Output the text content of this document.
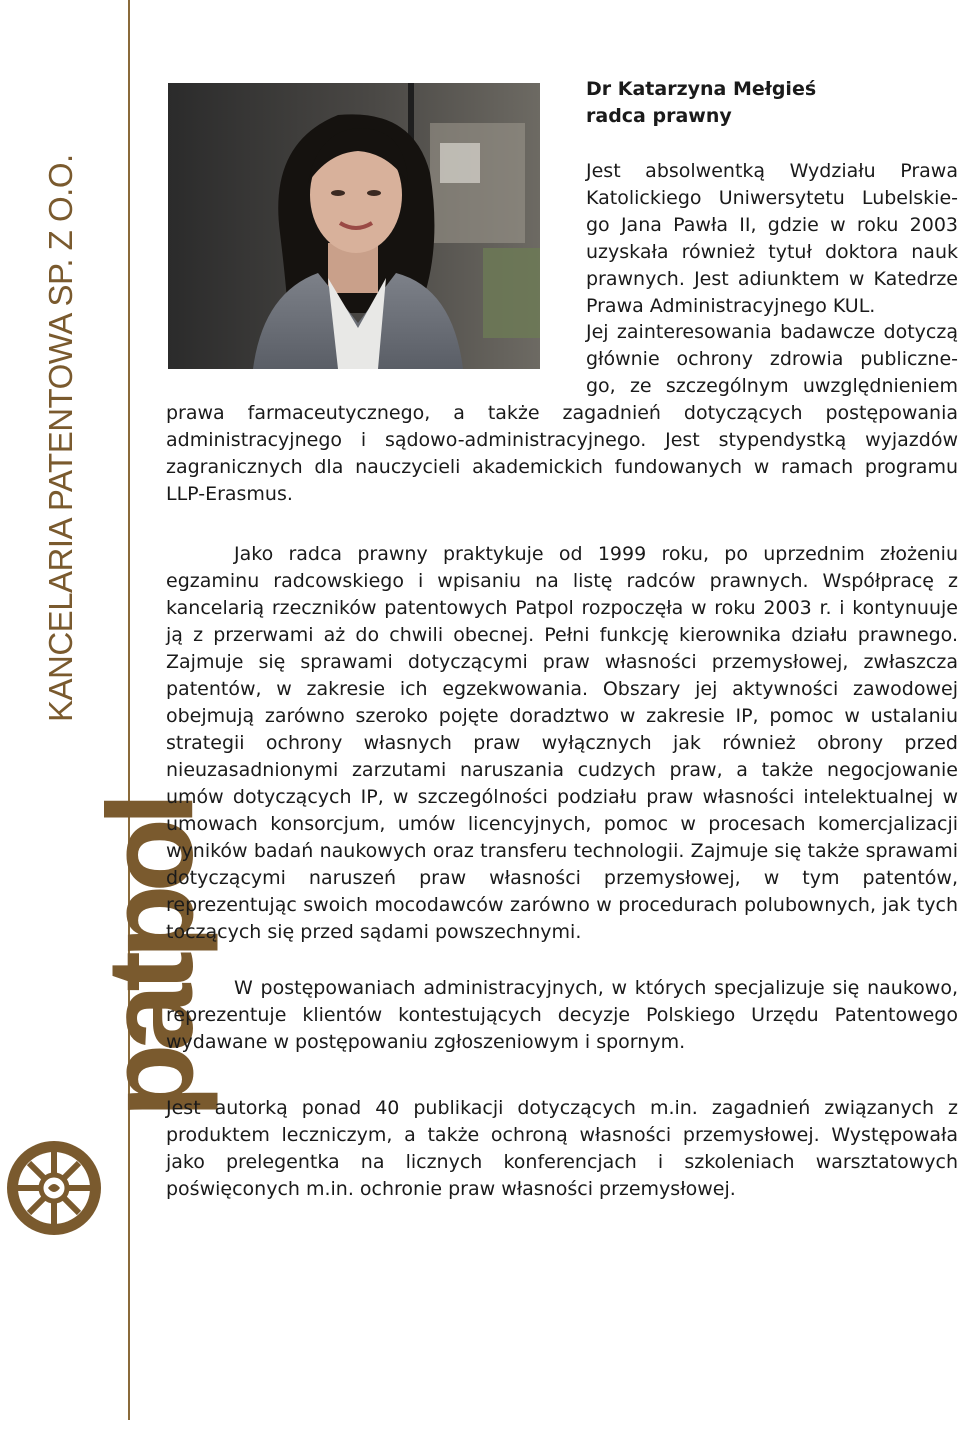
KANCELARIA PATENTOWA SP. Z O.O.
patpol
Dr Katarzyna Mełgieś
radca prawny
Jest absolwentką Wydziału Prawa
Katolickiego Uniwersytetu Lubelskie-
go Jana Pawła II, gdzie w roku 2003
uzyskała również tytuł doktora nauk
prawnych. Jest adiunktem w Katedrze
Prawa Administracyjnego KUL.
Jej zainteresowania badawcze dotyczą
głównie ochrony zdrowia publiczne-
go, ze szczególnym uwzględnieniem
prawa farmaceutycznego, a także zagadnień dotyczących postępowania administracyjnego i sądowo-administracyjnego. Jest stypendystką wyjazdów zagranicznych dla nauczycieli akademickich fundowanych w ramach programu LLP-Erasmus.
Jako radca prawny praktykuje od 1999 roku, po uprzednim złożeniu egzaminu radcowskiego i wpisaniu na listę radców prawnych. Współpracę z kancelarią rzeczników patentowych Patpol rozpoczęła w roku 2003 r. i kontynuuje ją z przerwami aż do chwili obecnej. Pełni funkcję kierownika działu prawnego. Zajmuje się sprawami dotyczącymi praw własności przemysłowej, zwłaszcza patentów, w zakresie ich egzekwowania. Obszary jej aktywności zawodowej obejmują zarówno szeroko pojęte doradztwo w zakresie IP, pomoc w ustalaniu strategii ochrony własnych praw wyłącznych jak również obrony przed nieuzasadnionymi zarzutami naruszania cudzych praw, a także negocjowanie umów dotyczących IP, w szczególności podziału praw własności intelektualnej w umowach konsorcjum, umów licencyjnych, pomoc w procesach komercjalizacji wyników badań naukowych oraz transferu technologii. Zajmuje się także sprawami dotyczącymi naruszeń praw własności przemysłowej, w tym patentów, reprezentując swoich mocodawców zarówno w procedurach polubownych, jak tych toczących się przed sądami powszechnymi.
W postępowaniach administracyjnych, w których specjalizuje się naukowo, reprezentuje klientów kontestujących decyzje Polskiego Urzędu Patentowego wydawane w postępowaniu zgłoszeniowym i spornym.
Jest autorką ponad 40 publikacji dotyczących m.in. zagadnień związanych z produktem leczniczym, a także ochroną własności przemysłowej. Występowała jako prelegentka na licznych konferencjach i szkoleniach warsztatowych poświęconych m.in. ochronie praw własności przemysłowej.
